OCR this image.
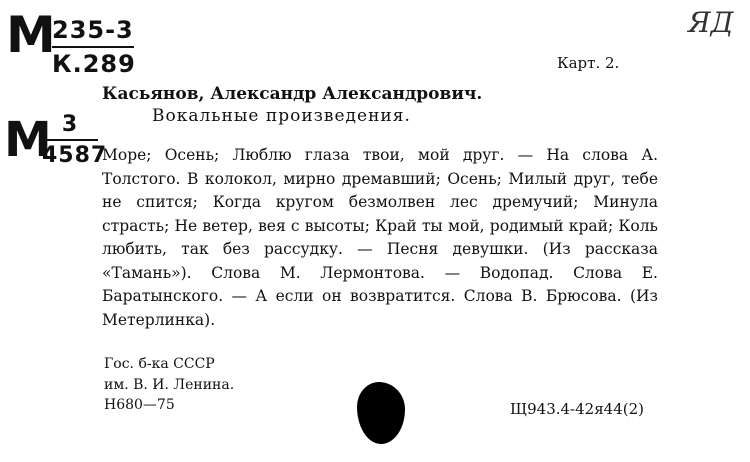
M
235-3
К.289
M 3
4587
ЯД
Карт. 2.
Касьянов, Александр Александрович.
Вокальные произведения.
Море; Осень; Люблю глаза твои, мой друг. — На слова А. Толстого. В колокол, мирно дремавший; Осень; Милый друг, тебе не спится; Когда кругом безмолвен лес дремучий; Минула страсть; Не ветер, вея с высоты; Край ты мой, родимый край; Коль любить, так без рассудку. — Песня девушки. (Из рассказа «Тамань»). Слова М. Лермонтова. — Водопад. Слова Е. Баратынского. — А если он возвратится. Слова В. Брюсова. (Из Метерлинка).
Гос. б-ка СССР
им. В. И. Ленина.
Н680—75	Щ943.4-42я44(2)
